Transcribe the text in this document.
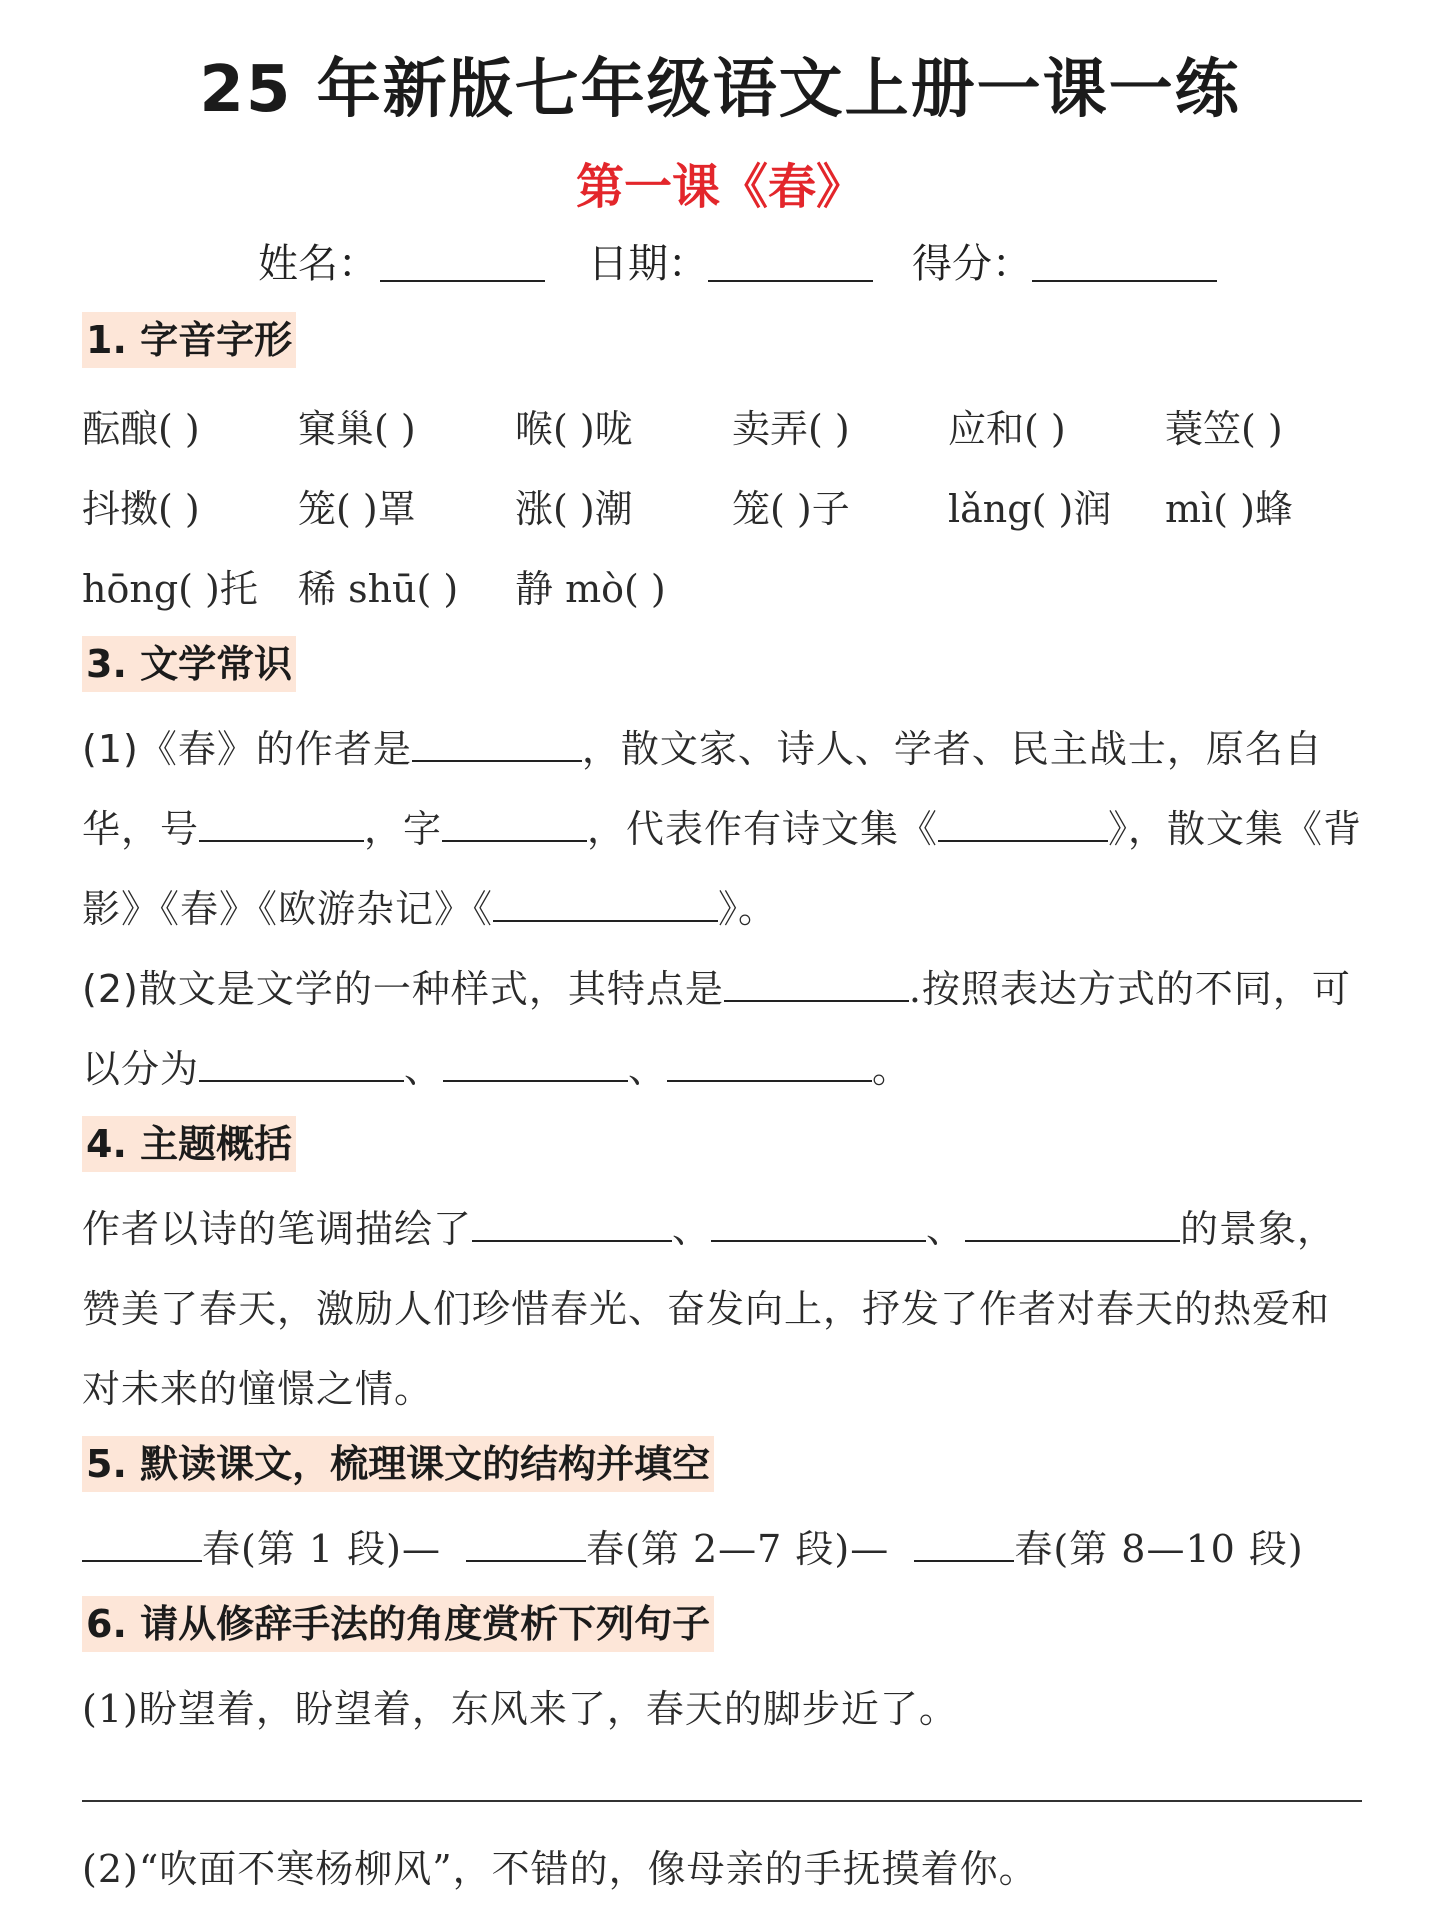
25 年新版七年级语文上册一课一练
第一课《春》
姓名：	日期：	得分：
1. 字音字形
酝酿( )	窠巢( )	喉( )咙	卖弄( )	应和( )	蓑笠( )
抖擞( )	笼( )罩	涨( )潮	笼( )子	lǎng( )润 mì( )蜂
hōng( )托 稀 shū( ) 静 mò( )
3. 文学常识
(1)《春》的作者是	，散文家、诗人、学者、民主战士，原名自
华，号	，字	，代表作有诗文集《	》，散文集《背
影》《春》《欧游杂记》《	》。
(2)散文是文学的一种样式，其特点是	.按照表达方式的不同，可
以分为	、	、	。
4. 主题概括
作者以诗的笔调描绘了	、	、	的景象，
赞美了春天，激励人们珍惜春光、奋发向上，抒发了作者对春天的热爱和
对未来的憧憬之情。
5. 默读课文，梳理课文的结构并填空
春(第 1 段)—	春(第 2—7 段)—	春(第 8—10 段)
6. 请从修辞手法的角度赏析下列句子
(1)盼望着，盼望着，东风来了，春天的脚步近了。
(2)“吹面不寒杨柳风”，不错的，像母亲的手抚摸着你。
